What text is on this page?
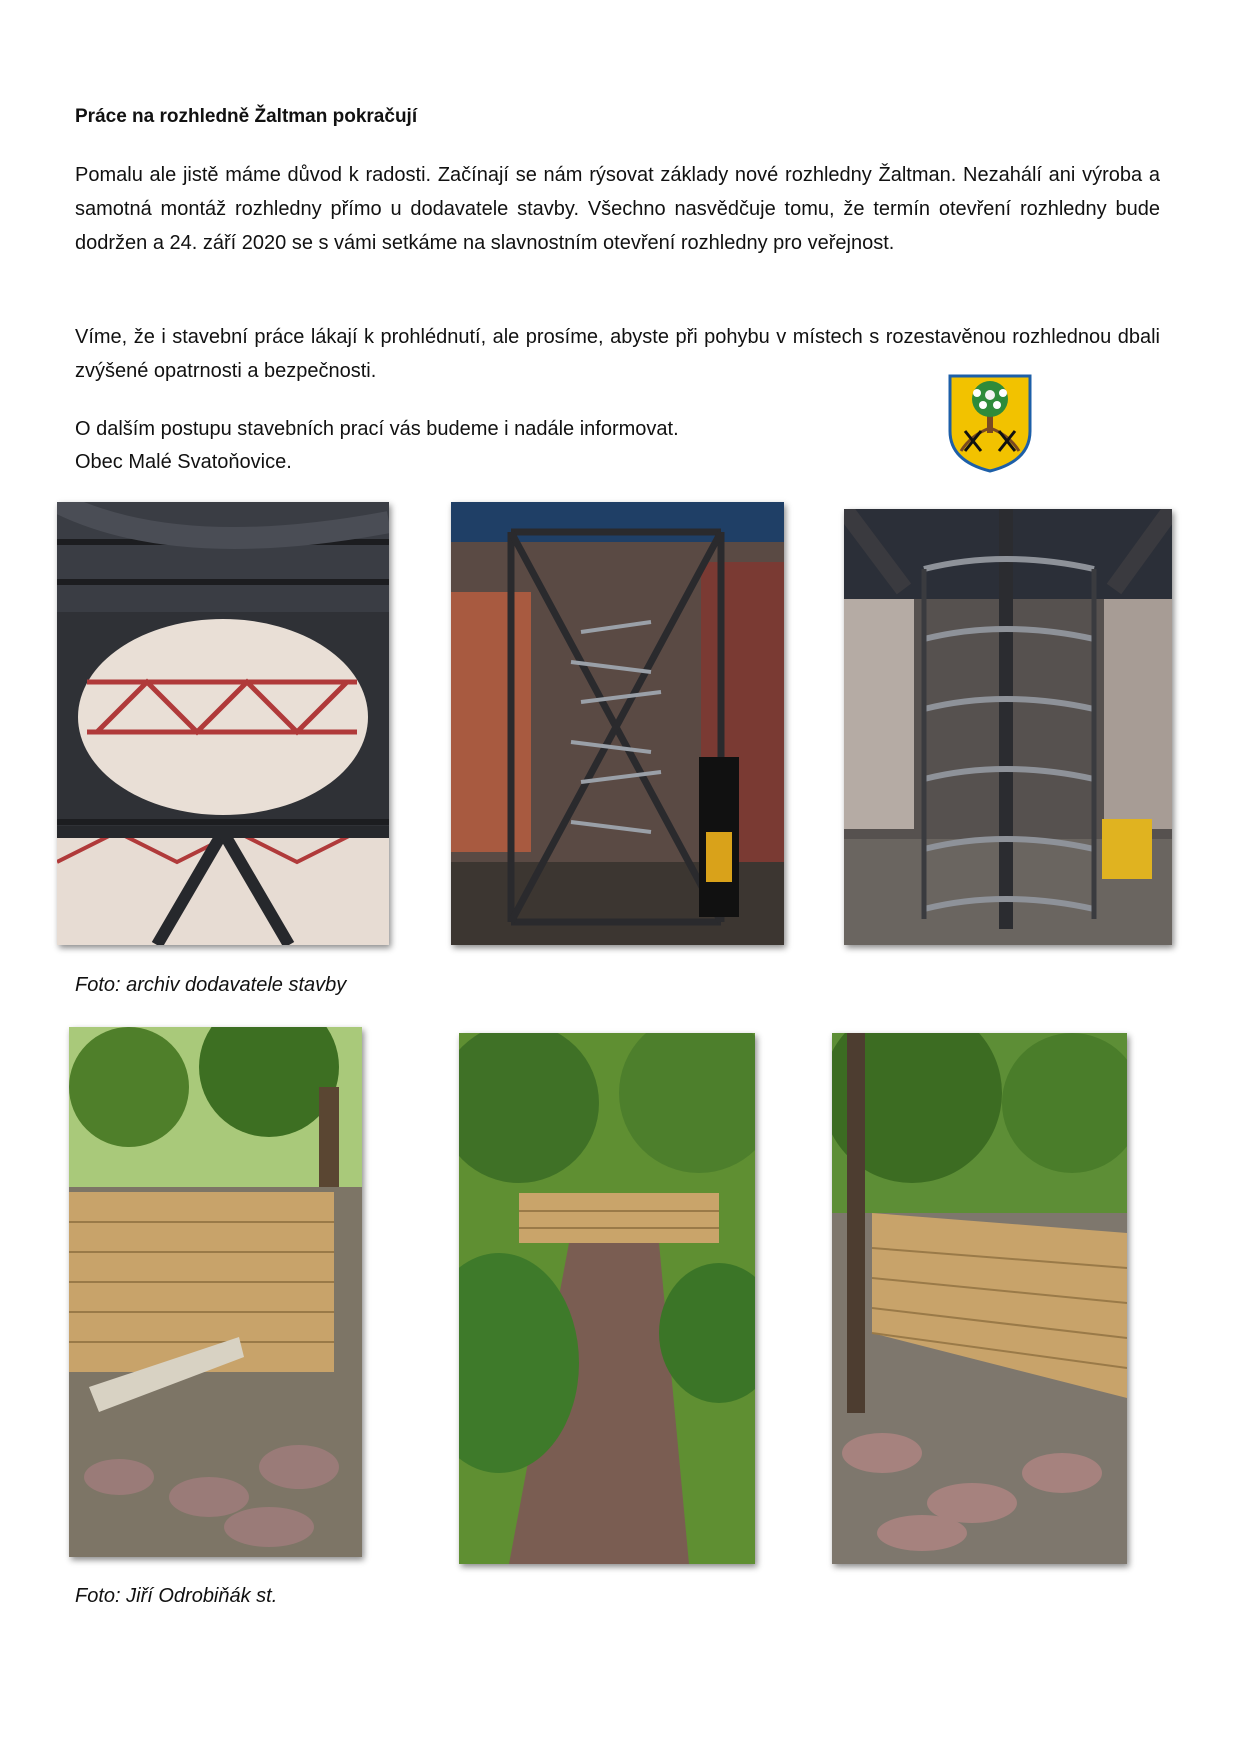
Práce na rozhledně Žaltman pokračují
Pomalu ale jistě máme důvod k radosti. Začínají se nám rýsovat základy nové rozhledny Žaltman. Nezahálí ani výroba a samotná montáž rozhledny přímo u dodavatele stavby. Všechno nasvědčuje tomu, že termín otevření rozhledny bude dodržen a 24. září 2020 se s vámi setkáme na slavnostním otevření rozhledny pro veřejnost.
Víme, že i stavební práce lákají k prohlédnutí, ale prosíme, abyste při pohybu v místech s rozestavěnou rozhlednou dbali zvýšené opatrnosti a bezpečnosti.
O dalším postupu stavebních prací vás budeme i nadále informovat.
Obec Malé Svatoňovice.
Foto: archiv dodavatele stavby
Foto: Jiří Odrobiňák st.
